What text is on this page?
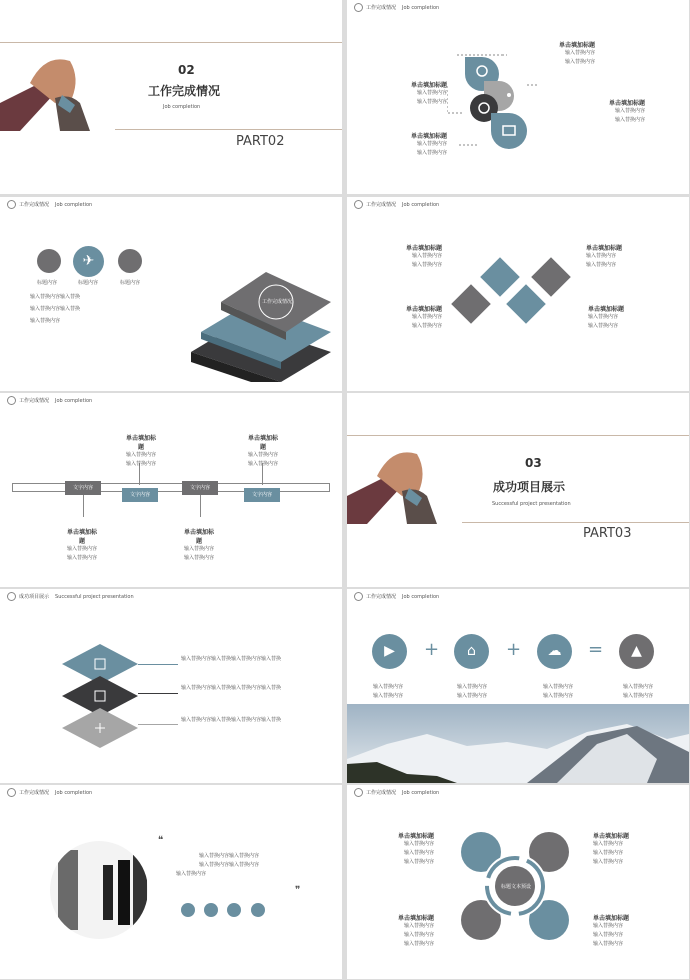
02
工作完成情况
Job completion
PART02
工作完成情况 Job completion
单击填加标题
输入替换内容
输入替换内容
单击填加标题
输入替换内容
输入替换内容	单击填加标题
输入替换内容
输入替换内容
单击填加标题
输入替换内容
输入替换内容
工作完成情况 Job completion
✈
标题内容	标题内容	标题内容
输入替换内容输入替换
输入替换内容输入替换
输入替换内容
工作完成情况
工作完成情况 Job completion
单击填加标题
输入替换内容
输入替换内容
单击填加标题
输入替换内容
输入替换内容
单击填加标题
输入替换内容
输入替换内容
单击填加标题
输入替换内容
输入替换内容
工作完成情况 Job completion
文字内容
文字内容
文字内容
文字内容
单击填加标题
输入替换内容
输入替换内容
单击填加标题
输入替换内容
输入替换内容
单击填加标题
输入替换内容
输入替换内容
单击填加标题
输入替换内容
输入替换内容
03
成功项目展示
Successful project presentation
PART03
成功项目展示 Successful project presentation
输入替换内容输入替换输入替换内容输入替换
输入替换内容输入替换输入替换内容输入替换
输入替换内容输入替换输入替换内容输入替换
工作完成情况 Job completion
▶	⌂	☁	▲
+	+	=
输入替换内容
输入替换内容
输入替换内容
输入替换内容
输入替换内容
输入替换内容
输入替换内容
输入替换内容
工作完成情况 Job completion
❝
❞
输入替换内容输入替换内容
输入替换内容输入替换内容
输入替换内容
工作完成情况 Job completion
标题文本预设
单击填加标题
输入替换内容
输入替换内容
输入替换内容
单击填加标题
输入替换内容
输入替换内容
输入替换内容
单击填加标题
输入替换内容
输入替换内容
输入替换内容
单击填加标题
输入替换内容
输入替换内容
输入替换内容
